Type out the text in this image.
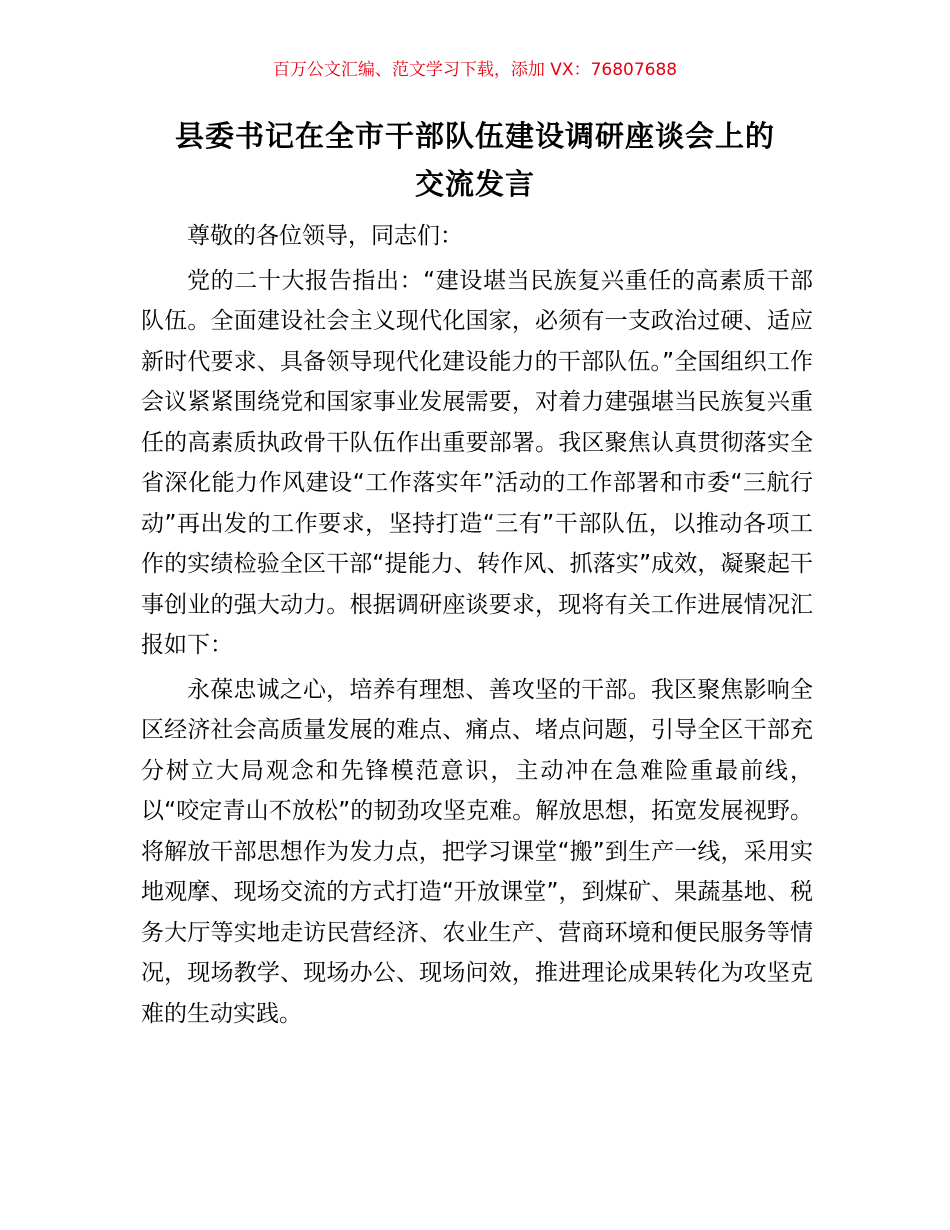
百万公文汇编、范文学习下载，添加 VX：76807688
县委书记在全市干部队伍建设调研座谈会上的
交流发言

尊敬的各位领导，同志们：

党的二十大报告指出：“建设堪当民族复兴重任的高素质干部队伍。全面建设社会主义现代化国家，必须有一支政治过硬、适应新时代要求、具备领导现代化建设能力的干部队伍。”全国组织工作会议紧紧围绕党和国家事业发展需要，对着力建强堪当民族复兴重任的高素质执政骨干队伍作出重要部署。我区聚焦认真贯彻落实全省深化能力作风建设“工作落实年”活动的工作部署和市委“三航行动”再出发的工作要求，坚持打造“三有”干部队伍，以推动各项工作的实绩检验全区干部“提能力、转作风、抓落实”成效，凝聚起干事创业的强大动力。根据调研座谈要求，现将有关工作进展情况汇报如下：

永葆忠诚之心，培养有理想、善攻坚的干部。我区聚焦影响全区经济社会高质量发展的难点、痛点、堵点问题，引导全区干部充分树立大局观念和先锋模范意识，主动冲在急难险重最前线，以“咬定青山不放松”的韧劲攻坚克难。解放思想，拓宽发展视野。将解放干部思想作为发力点，把学习课堂“搬”到生产一线，采用实地观摩、现场交流的方式打造“开放课堂”，到煤矿、果蔬基地、税务大厅等实地走访民营经济、农业生产、营商环境和便民服务等情况，现场教学、现场办公、现场问效，推进理论成果转化为攻坚克难的生动实践。
